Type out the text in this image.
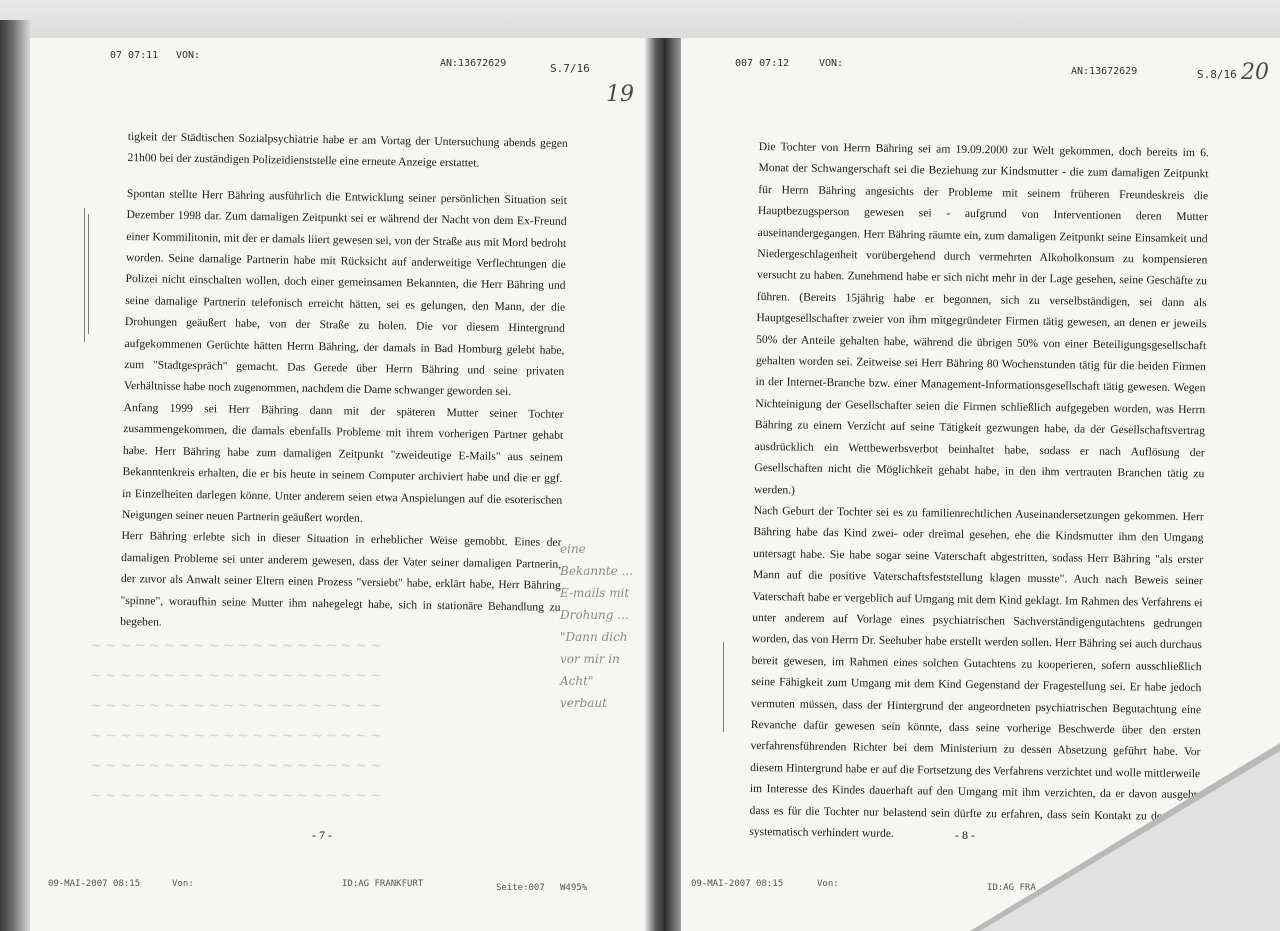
07 07:11 VON:
AN:13672629	S.7/16
19

tigkeit der Städtischen Sozialpsychiatrie habe er am Vortag der Untersuchung abends gegen 21h00 bei der zuständigen Polizeidienststelle eine erneute Anzeige erstattet.

Spontan stellte Herr Bähring ausführlich die Entwicklung seiner persönlichen Situation seit Dezember 1998 dar. Zum damaligen Zeitpunkt sei er während der Nacht von dem Ex-Freund einer Kommilitonin, mit der er damals liiert gewesen sei, von der Straße aus mit Mord bedroht worden. Seine damalige Partnerin habe mit Rücksicht auf anderweitige Verflechtungen die Polizei nicht einschalten wollen, doch einer gemeinsamen Bekannten, die Herr Bähring und seine damalige Partnerin telefonisch erreicht hätten, sei es gelungen, den Mann, der die Drohungen geäußert habe, von der Straße zu holen. Die vor diesem Hintergrund aufgekommenen Gerüchte hätten Herrn Bähring, der damals in Bad Homburg gelebt habe, zum "Stadtgespräch" gemacht. Das Gerede über Herrn Bähring und seine privaten Verhältnisse habe noch zugenommen, nachdem die Dame schwanger geworden sei.

Anfang 1999 sei Herr Bähring dann mit der späteren Mutter seiner Tochter zusammengekommen, die damals ebenfalls Probleme mit ihrem vorherigen Partner gehabt habe. Herr Bähring habe zum damaligen Zeitpunkt "zweideutige E-Mails" aus seinem Bekanntenkreis erhalten, die er bis heute in seinem Computer archiviert habe und die er ggf. in Einzelheiten darlegen könne. Unter anderem seien etwa Anspielungen auf die esoterischen Neigungen seiner neuen Partnerin geäußert worden.

Herr Bähring erlebte sich in dieser Situation in erheblicher Weise gemobbt. Eines der damaligen Probleme sei unter anderem gewesen, dass der Vater seiner damaligen Partnerin, der zuvor als Anwalt seiner Eltern einen Prozess "versiebt" habe, erklärt habe, Herr Bähring "spinne", woraufhin seine Mutter ihm nahegelegt habe, sich in stationäre Behandlung zu begeben.

eine Bekannte ... E-mails mit Drohung ... "Dann dich vor mir in Acht" verbaut
~~~~~~~~~~~~~~~~~~~~
~~~~~~~~~~~~~~~~~~~~
~~~~~~~~~~~~~~~~~~~~
~~~~~~~~~~~~~~~~~~~~
~~~~~~~~~~~~~~~~~~~~
~~~~~~~~~~~~~~~~~~~~
- 7 -
09-MAI-2007 08:15	Von:	ID:AG FRANKFURT	Seite:007 W495%
007 07:12	VON:
AN:13672629	S.8/16 20

Die Tochter von Herrn Bähring sei am 19.09.2000 zur Welt gekommen, doch bereits im 6. Monat der Schwangerschaft sei die Beziehung zur Kindsmutter - die zum damaligen Zeitpunkt für Herrn Bähring angesichts der Probleme mit seinem früheren Freundeskreis die Hauptbezugsperson gewesen sei - aufgrund von Interventionen deren Mutter auseinandergegangen. Herr Bähring räumte ein, zum damaligen Zeitpunkt seine Einsamkeit und Niedergeschlagenheit vorübergehend durch vermehrten Alkoholkonsum zu kompensieren versucht zu haben. Zunehmend habe er sich nicht mehr in der Lage gesehen, seine Geschäfte zu führen. (Bereits 15jährig habe er begonnen, sich zu verselbständigen, sei dann als Hauptgesellschafter zweier von ihm mitgegründeter Firmen tätig gewesen, an denen er jeweils 50% der Anteile gehalten habe, während die übrigen 50% von einer Beteiligungsgesellschaft gehalten worden sei. Zeitweise sei Herr Bähring 80 Wochenstunden tätig für die beiden Firmen in der Internet-Branche bzw. einer Management-Informationsgesellschaft tätig gewesen. Wegen Nichteinigung der Gesellschafter seien die Firmen schließlich aufgegeben worden, was Herrn Bähring zu einem Verzicht auf seine Tätigkeit gezwungen habe, da der Gesellschaftsvertrag ausdrücklich ein Wettbewerbsverbot beinhaltet habe, sodass er nach Auflösung der Gesellschaften nicht die Möglichkeit gehabt habe, in den ihm vertrauten Branchen tätig zu werden.)

Nach Geburt der Tochter sei es zu familienrechtlichen Auseinandersetzungen gekommen. Herr Bähring habe das Kind zwei- oder dreimal gesehen, ehe die Kindsmutter ihm den Umgang untersagt habe. Sie habe sogar seine Vaterschaft abgestritten, sodass Herr Bähring "als erster Mann auf die positive Vaterschaftsfeststellung klagen musste". Auch nach Beweis seiner Vaterschaft habe er vergeblich auf Umgang mit dem Kind geklagt. Im Rahmen des Verfahrens ei unter anderem auf Vorlage eines psychiatrischen Sachverständigengutachtens gedrungen worden, das von Herrn Dr. Seehuber habe erstellt werden sollen. Herr Bähring sei auch durchaus bereit gewesen, im Rahmen eines solchen Gutachtens zu kooperieren, sofern ausschließlich seine Fähigkeit zum Umgang mit dem Kind Gegenstand der Fragestellung sei. Er habe jedoch vermuten müssen, dass der Hintergrund der angeordneten psychiatrischen Begutachtung eine Revanche dafür gewesen sein könnte, dass seine vorherige Beschwerde über den ersten verfahrensführenden Richter bei dem Ministerium zu dessen Absetzung geführt habe. Vor diesem Hintergrund habe er auf die Fortsetzung des Verfahrens verzichtet und wolle mittlerweile im Interesse des Kindes dauerhaft auf den Umgang mit ihm verzichten, da er davon ausgeht, dass es für die Tochter nur belastend sein dürfte zu erfahren, dass sein Kontakt zu dem Vater systematisch verhindert wurde.	- 8 -
09-MAI-2007 08:15	Von:	ID:AG FRA
